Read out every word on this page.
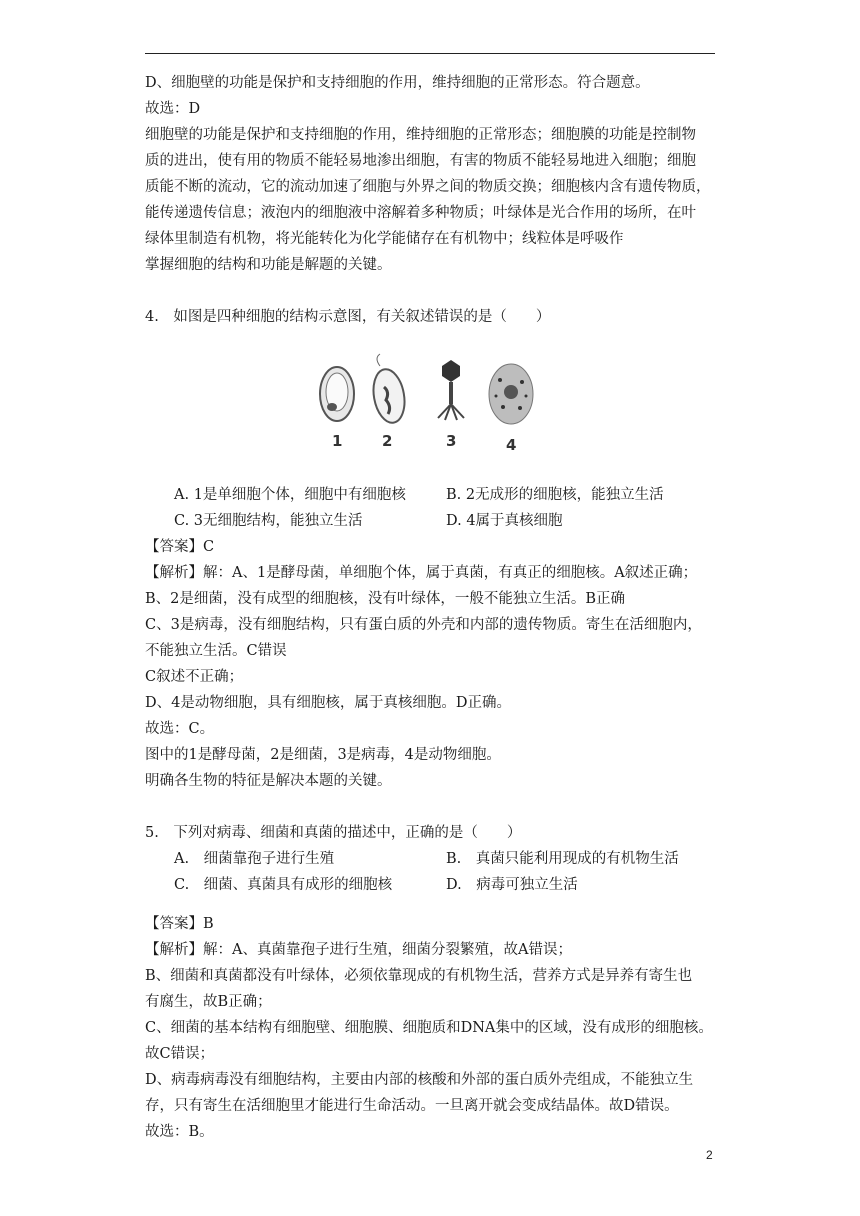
D、细胞壁的功能是保护和支持细胞的作用，维持细胞的正常形态。符合题意。
故选：D
细胞壁的功能是保护和支持细胞的作用，维持细胞的正常形态；细胞膜的功能是控制物
质的进出，使有用的物质不能轻易地渗出细胞，有害的物质不能轻易地进入细胞；细胞
质能不断的流动，它的流动加速了细胞与外界之间的物质交换；细胞核内含有遗传物质，
能传递遗传信息；液泡内的细胞液中溶解着多种物质；叶绿体是光合作用的场所，在叶
绿体里制造有机物，将光能转化为化学能储存在有机物中；线粒体是呼吸作
掌握细胞的结构和功能是解题的关键。
4.　如图是四种细胞的结构示意图，有关叙述错误的是（　　）
1	2	3	4
A. 1是单细胞个体，细胞中有细胞核	B. 2无成形的细胞核，能独立生活
C. 3无细胞结构，能独立生活	D. 4属于真核细胞
【答案】C
【解析】解：A、1是酵母菌，单细胞个体，属于真菌，有真正的细胞核。A叙述正确；
B、2是细菌，没有成型的细胞核，没有叶绿体，一般不能独立生活。B正确
C、3是病毒，没有细胞结构，只有蛋白质的外壳和内部的遗传物质。寄生在活细胞内，
不能独立生活。C错误
C叙述不正确；
D、4是动物细胞，具有细胞核，属于真核细胞。D正确。
故选：C。
图中的1是酵母菌，2是细菌，3是病毒，4是动物细胞。
明确各生物的特征是解决本题的关键。
5.　下列对病毒、细菌和真菌的描述中，正确的是（　　）
A.　细菌靠孢子进行生殖	B.　真菌只能利用现成的有机物生活
C.　细菌、真菌具有成形的细胞核	D.　病毒可独立生活
【答案】B
【解析】解：A、真菌靠孢子进行生殖，细菌分裂繁殖，故A错误；
B、细菌和真菌都没有叶绿体，必须依靠现成的有机物生活，营养方式是异养有寄生也
有腐生，故B正确；
C、细菌的基本结构有细胞壁、细胞膜、细胞质和DNA集中的区域，没有成形的细胞核。
故C错误；
D、病毒病毒没有细胞结构，主要由内部的核酸和外部的蛋白质外壳组成，不能独立生
存，只有寄生在活细胞里才能进行生命活动。一旦离开就会变成结晶体。故D错误。
故选：B。
2
